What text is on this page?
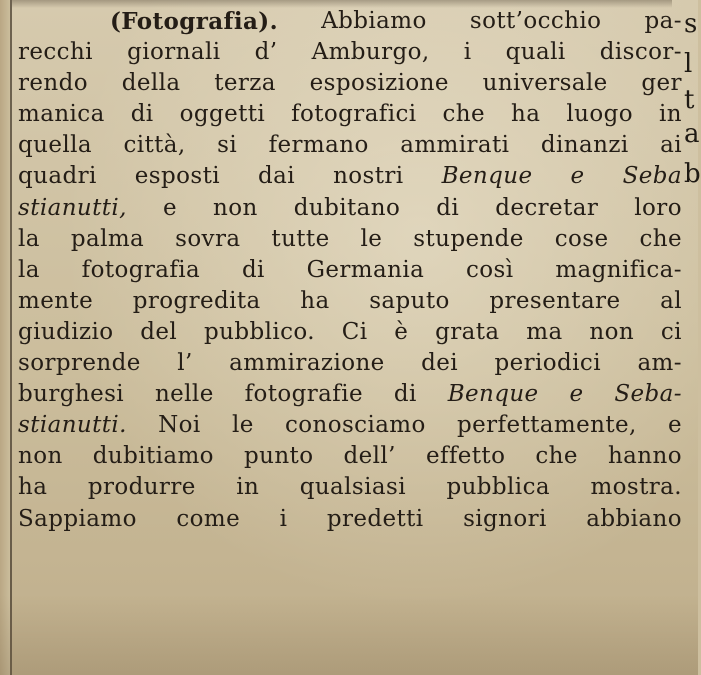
(Fotografia). Abbiamo sott’occhio pa-
recchi giornali d’ Amburgo, i quali discor-
rendo della terza esposizione universale ger
manica di oggetti fotografici che ha luogo in
quella città, si fermano ammirati dinanzi ai
quadri esposti dai nostri Benque e Seba
stianutti, e non dubitano di decretar loro
la palma sovra tutte le stupende cose che
la fotografia di Germania così magnifica-
mente progredita ha saputo presentare al
giudizio del pubblico. Ci è grata ma non ci
sorprende l’ ammirazione dei periodici am-
burghesi nelle fotografie di Benque e Seba-
stianutti. Noi le conosciamo perfettamente, e
non dubitiamo punto dell’ effetto che hanno
ha produrre in qualsiasi pubblica mostra.
Sappiamo come i predetti signori abbiano
s
l
t
a
b
